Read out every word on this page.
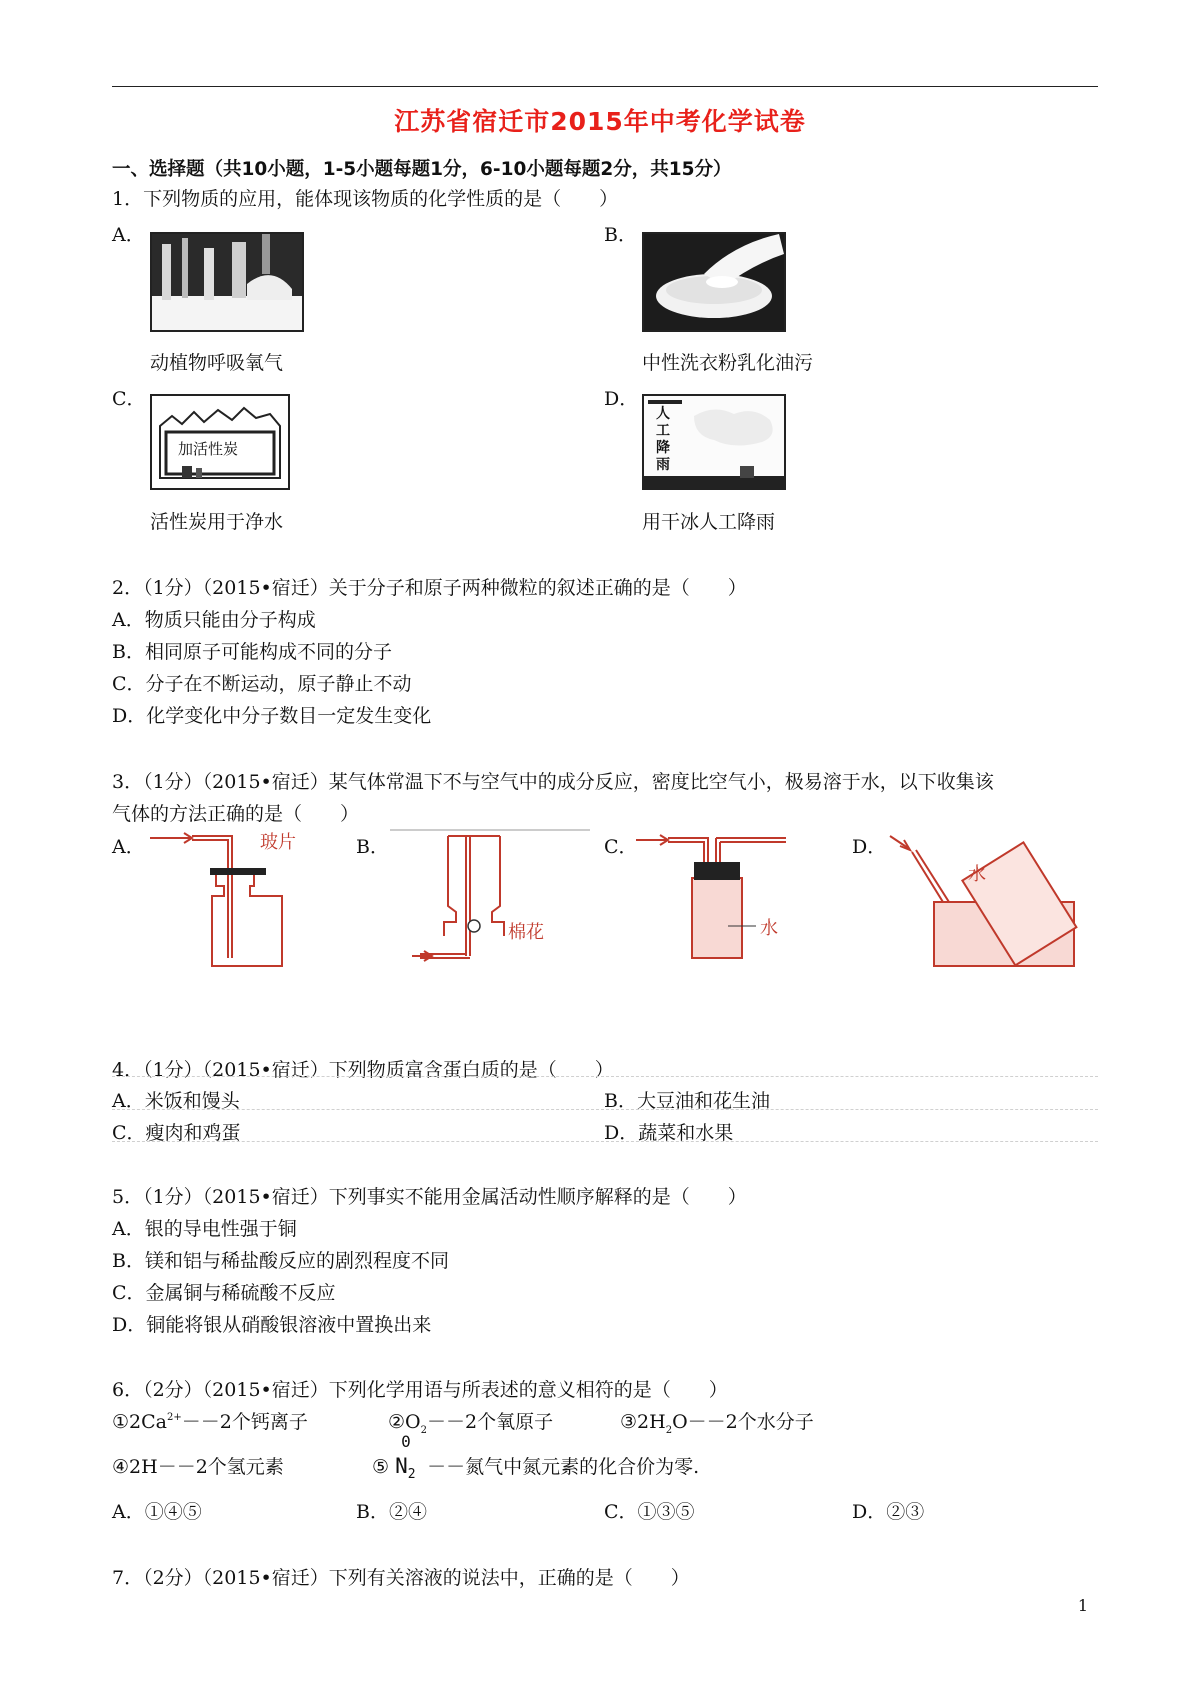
江苏省宿迁市2015年中考化学试卷
一、选择题（共10小题，1-5小题每题1分，6-10小题每题2分，共15分）
1．下列物质的应用，能体现该物质的化学性质的是（　　）
A．
动植物呼吸氧气
B．
中性洗衣粉乳化油污
C．
加活性炭
活性炭用于净水
D．
人工降雨
用干冰人工降雨
2．（1分）（2015•宿迁）关于分子和原子两种微粒的叙述正确的是（　　）
A．物质只能由分子构成
B．相同原子可能构成不同的分子
C．分子在不断运动，原子静止不动
D．化学变化中分子数目一定发生变化
3．（1分）（2015•宿迁）某气体常温下不与空气中的成分反应，密度比空气小，极易溶于水，以下收集该
气体的方法正确的是（　　）
A．	玻片	B．
棉花
C．
水
D．
水
4．（1分）（2015•宿迁）下列物质富含蛋白质的是（　　）
A．米饭和馒头	B．大豆油和花生油
C．瘦肉和鸡蛋	D．蔬菜和水果
5．（1分）（2015•宿迁）下列事实不能用金属活动性顺序解释的是（　　）
A．银的导电性强于铜
B．镁和铝与稀盐酸反应的剧烈程度不同
C．金属铜与稀硫酸不反应
D．铜能将银从硝酸银溶液中置换出来
6．（2分）（2015•宿迁）下列化学用语与所表述的意义相符的是（　　）
$①2Ca^{2+}--2$个钙离子	$②O_2--2$个氧原子	$③2H_2O--2$个水分子
④2H－－2个氢元素	⑤
0
$N_2$ －－氮气中氮元素的化合价为零.
A．①④⑤	B．②④	C．①③⑤	D．②③
7．（2分）（2015•宿迁）下列有关溶液的说法中，正确的是（　　）
1
